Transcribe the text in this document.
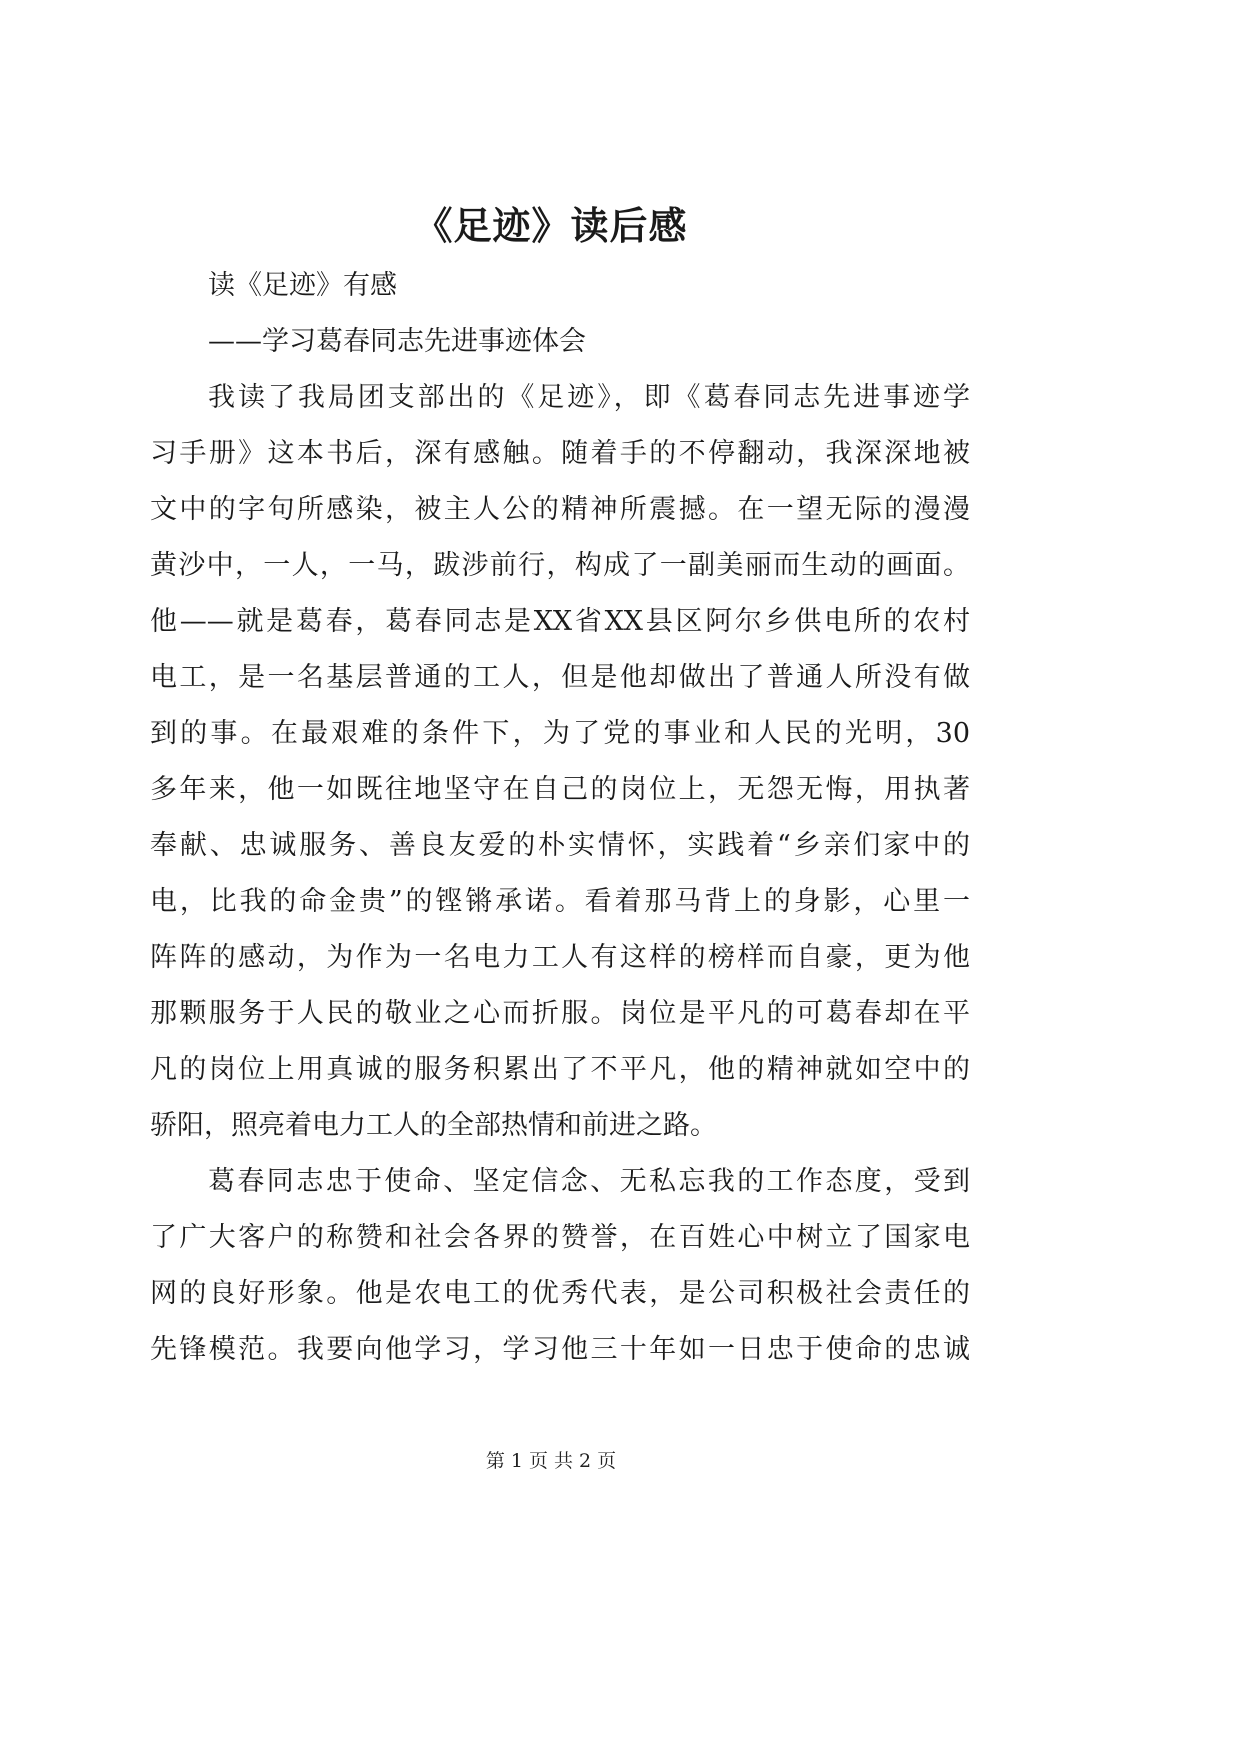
《足迹》读后感
读《足迹》有感
——学习葛春同志先进事迹体会
我读了我局团支部出的《足迹》，即《葛春同志先进事迹学
习手册》这本书后，深有感触。随着手的不停翻动，我深深地被
文中的字句所感染，被主人公的精神所震撼。在一望无际的漫漫
黄沙中，一人，一马，跋涉前行，构成了一副美丽而生动的画面。
他——就是葛春，葛春同志是XX省XX县区阿尔乡供电所的农村
电工，是一名基层普通的工人，但是他却做出了普通人所没有做
到的事。在最艰难的条件下，为了党的事业和人民的光明，30
多年来，他一如既往地坚守在自己的岗位上，无怨无悔，用执著
奉献、忠诚服务、善良友爱的朴实情怀，实践着“乡亲们家中的
电，比我的命金贵”的铿锵承诺。看着那马背上的身影，心里一
阵阵的感动，为作为一名电力工人有这样的榜样而自豪，更为他
那颗服务于人民的敬业之心而折服。岗位是平凡的可葛春却在平
凡的岗位上用真诚的服务积累出了不平凡，他的精神就如空中的
骄阳，照亮着电力工人的全部热情和前进之路。
葛春同志忠于使命、坚定信念、无私忘我的工作态度，受到
了广大客户的称赞和社会各界的赞誉，在百姓心中树立了国家电
网的良好形象。他是农电工的优秀代表，是公司积极社会责任的
先锋模范。我要向他学习，学习他三十年如一日忠于使命的忠诚
第 1 页 共 2 页
